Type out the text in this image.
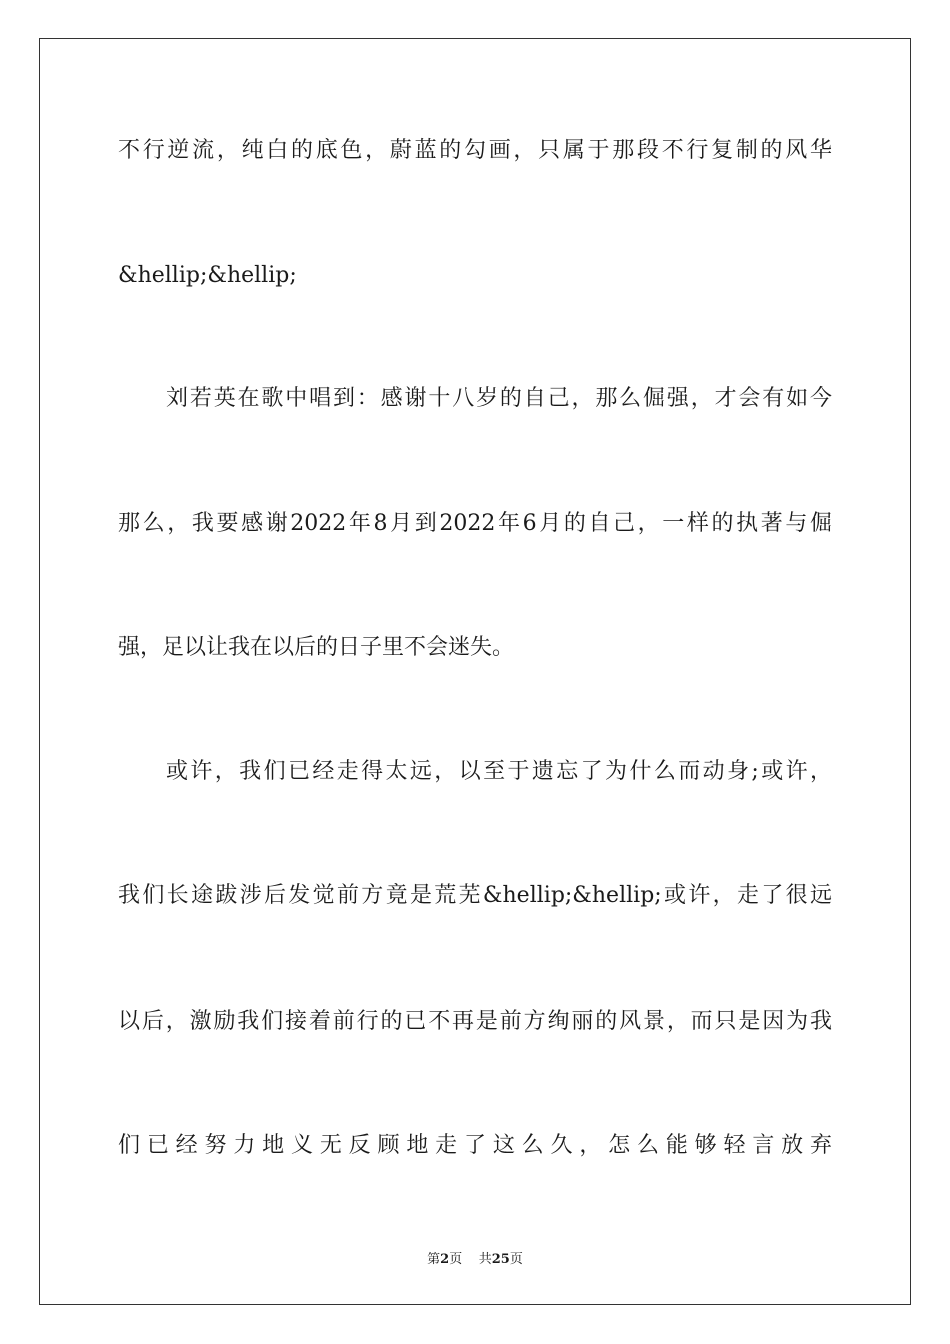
不行逆流，纯白的底色，蔚蓝的勾画，只属于那段不行复制的风华
&hellip;&hellip;
刘若英在歌中唱到：感谢十八岁的自己，那么倔强，才会有如今
那么，我要感谢2022年8月到2022年6月的自己，一样的执著与倔
强，足以让我在以后的日子里不会迷失。
或许，我们已经走得太远，以至于遗忘了为什么而动身;或许，
我们长途跋涉后发觉前方竟是荒芜&hellip;&hellip;或许，走了很远
以后，激励我们接着前行的已不再是前方绚丽的风景，而只是因为我
们已经努力地义无反顾地走了这么久，怎么能够轻言放弃
第2页 共25页
